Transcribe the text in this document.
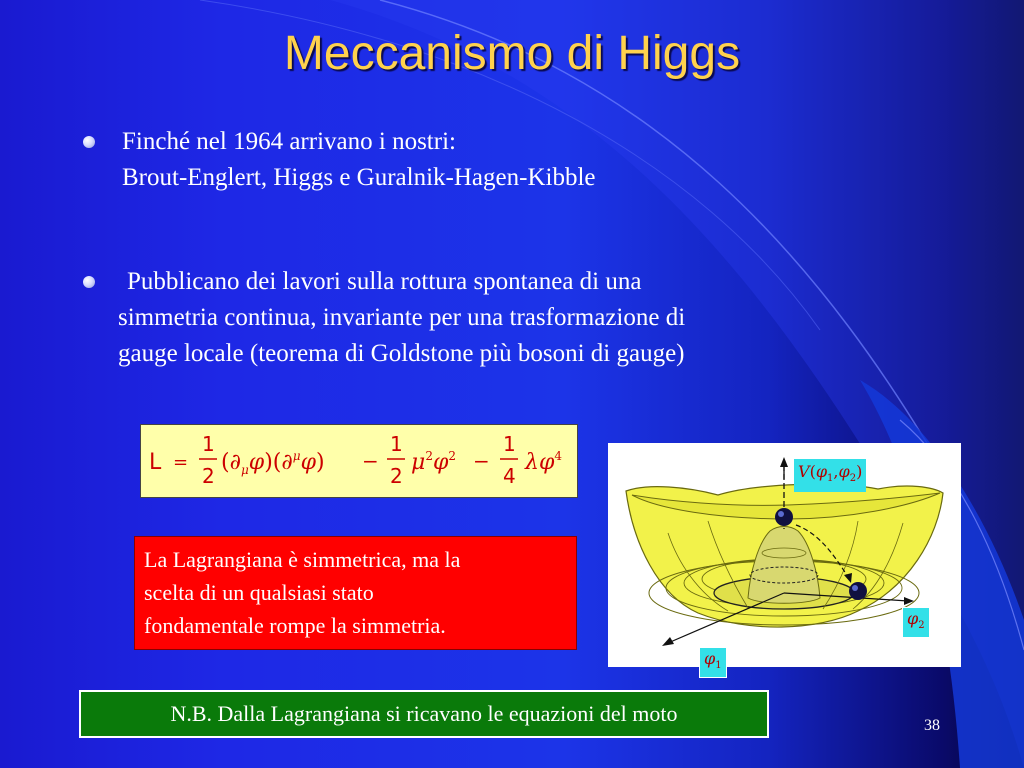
Meccanismo di Higgs
Finché nel 1964 arrivano i nostri:
Brout-Englert, Higgs e Guralnik-Hagen-Kibble
Pubblicano dei lavori sulla rottura spontanea di una
simmetria continua, invariante per una trasformazione di
gauge locale (teorema di Goldstone più bosoni di gauge)
L =
1
2
$(\partial_\mu\varphi)(\partial^\mu\varphi)$ −
1
2
$\mu^2\varphi^2$ −
1
4
$\lambda\varphi^4$
La Lagrangiana è simmetrica, ma la
scelta di un qualsiasi stato
fondamentale rompe la simmetria.
$V(\varphi_1,\varphi_2)$
$\varphi_2$
$\varphi_1$
N.B. Dalla Lagrangiana si ricavano le equazioni del moto	38
